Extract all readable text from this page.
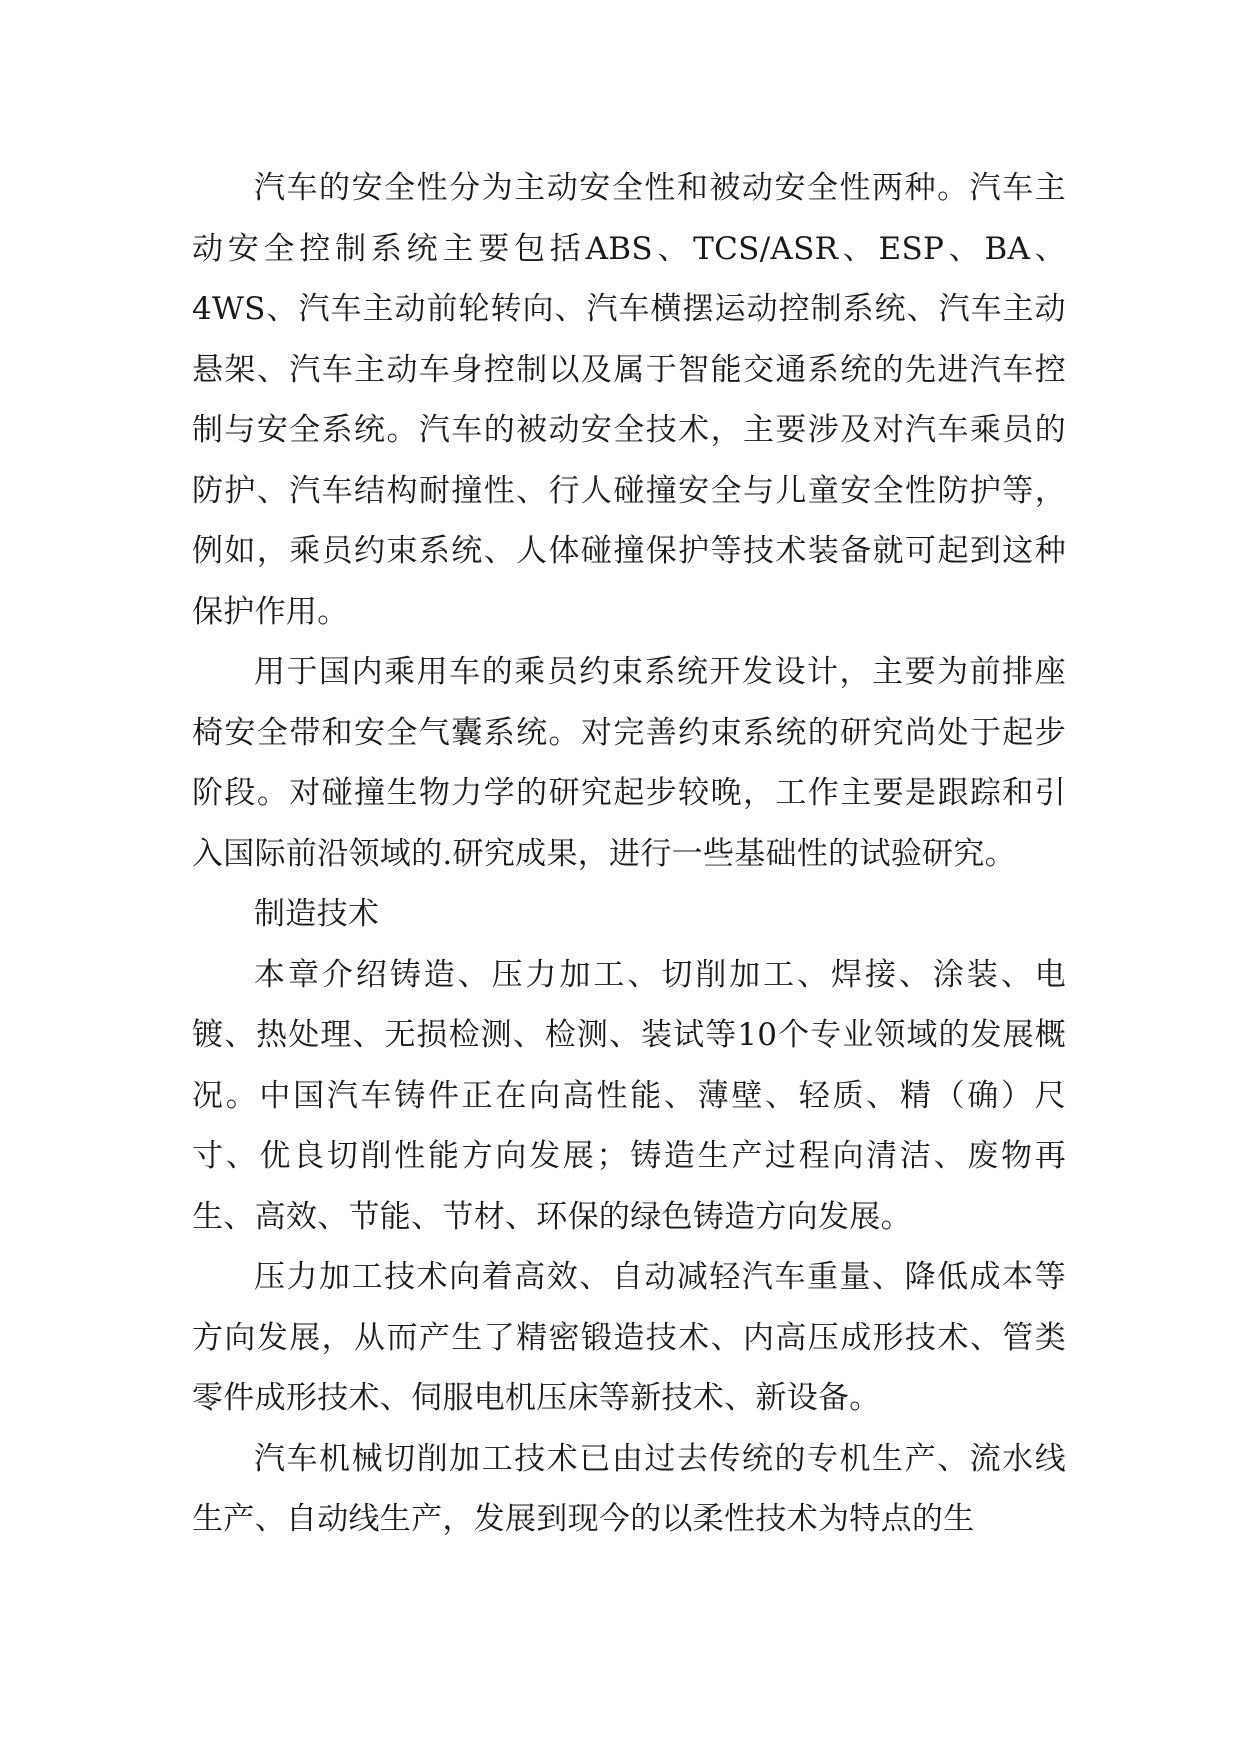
汽车的安全性分为主动安全性和被动安全性两种。汽车主动安全控制系统主要包括ABS、TCS/ASR、ESP、BA、4WS、汽车主动前轮转向、汽车横摆运动控制系统、汽车主动悬架、汽车主动车身控制以及属于智能交通系统的先进汽车控制与安全系统。汽车的被动安全技术，主要涉及对汽车乘员的防护、汽车结构耐撞性、行人碰撞安全与儿童安全性防护等，例如，乘员约束系统、人体碰撞保护等技术装备就可起到这种保护作用。

用于国内乘用车的乘员约束系统开发设计，主要为前排座椅安全带和安全气囊系统。对完善约束系统的研究尚处于起步阶段。对碰撞生物力学的研究起步较晚，工作主要是跟踪和引入国际前沿领域的.研究成果，进行一些基础性的试验研究。

制造技术

本章介绍铸造、压力加工、切削加工、焊接、涂装、电镀、热处理、无损检测、检测、装试等10个专业领域的发展概况。中国汽车铸件正在向高性能、薄壁、轻质、精（确）尺寸、优良切削性能方向发展；铸造生产过程向清洁、废物再生、高效、节能、节材、环保的绿色铸造方向发展。

压力加工技术向着高效、自动减轻汽车重量、降低成本等方向发展，从而产生了精密锻造技术、内高压成形技术、管类零件成形技术、伺服电机压床等新技术、新设备。

汽车机械切削加工技术已由过去传统的专机生产、流水线生产、自动线生产，发展到现今的以柔性技术为特点的生
